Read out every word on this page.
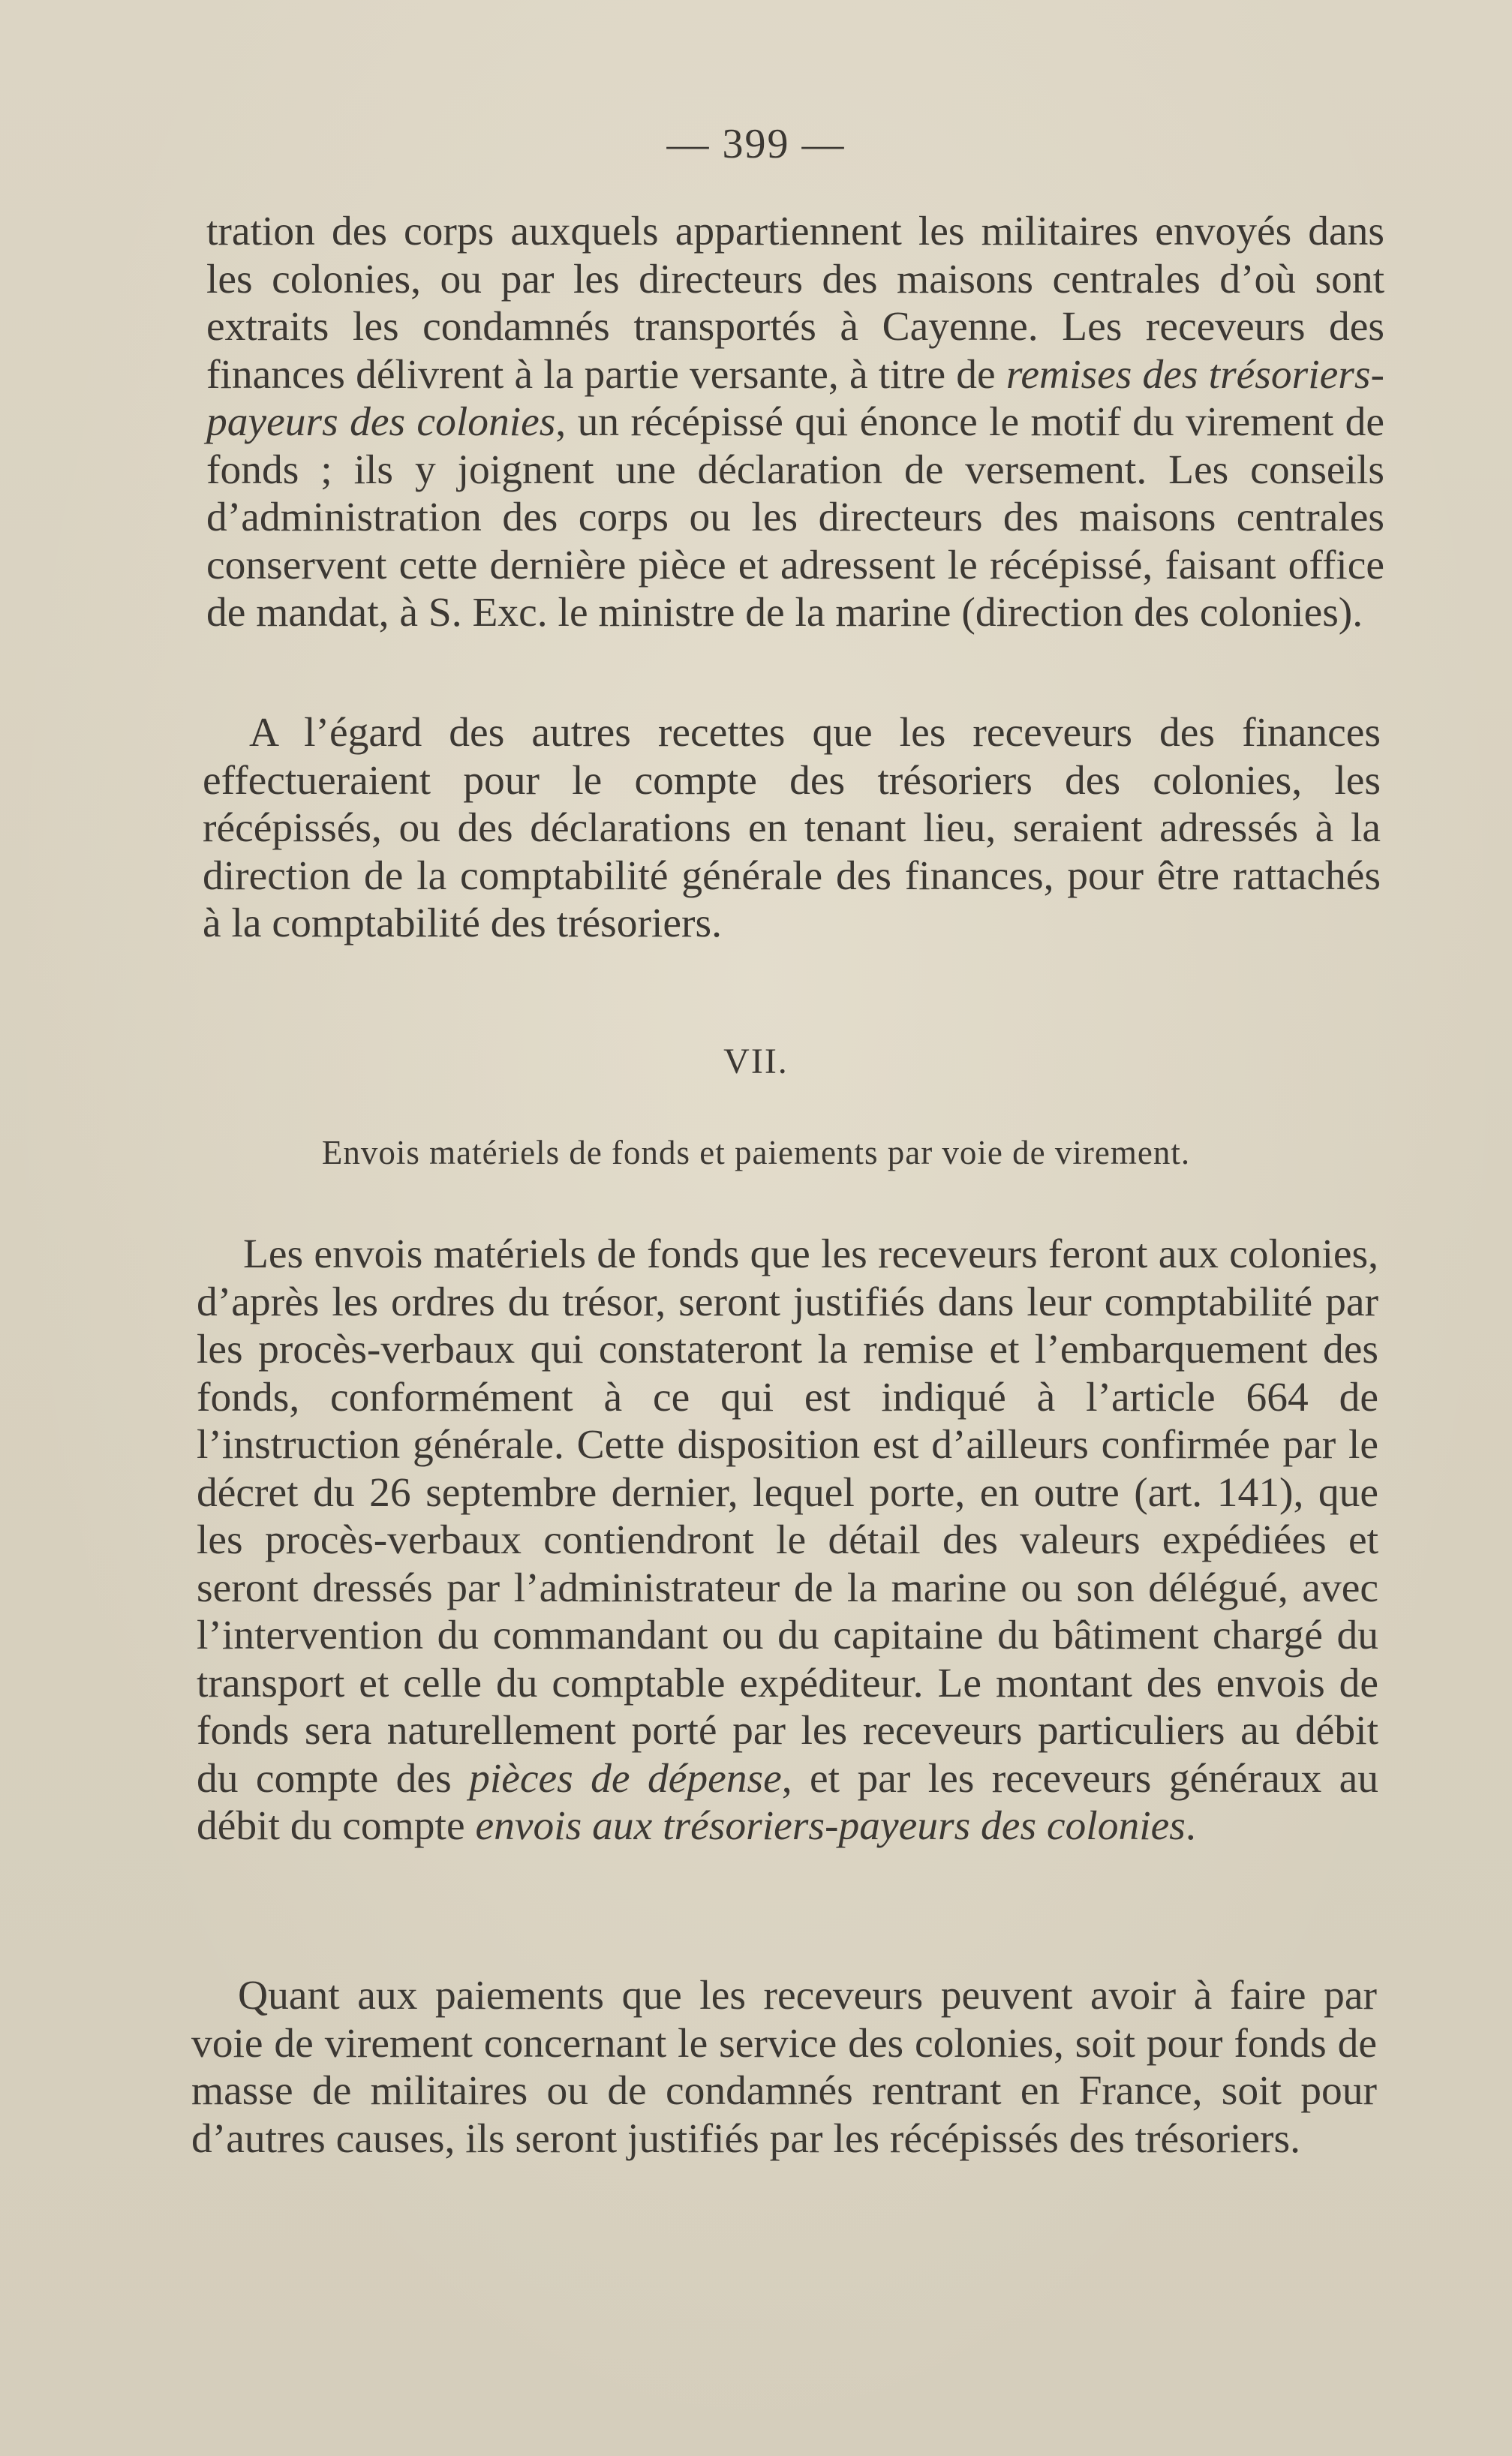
— 399 —

tration des corps auxquels appartiennent les militaires envoyés dans les colonies, ou par les directeurs des maisons centrales d’où sont extraits les condamnés transportés à Cayenne. Les receveurs des finances délivrent à la partie versante, à titre de remises des trésoriers-payeurs des colonies, un récépissé qui énonce le motif du virement de fonds ; ils y joignent une déclaration de versement. Les conseils d’administration des corps ou les directeurs des maisons centrales conservent cette dernière pièce et adressent le récépissé, faisant office de mandat, à S. Exc. le ministre de la marine (direction des colonies).

A l’égard des autres recettes que les receveurs des finances effectueraient pour le compte des trésoriers des colonies, les récépissés, ou des déclarations en tenant lieu, seraient adressés à la direction de la comptabilité générale des finances, pour être rattachés à la comptabilité des trésoriers.

VII.
Envois matériels de fonds et paiements par voie de virement.

Les envois matériels de fonds que les receveurs feront aux colonies, d’après les ordres du trésor, seront justifiés dans leur comptabilité par les procès-verbaux qui constateront la remise et l’embarquement des fonds, conformément à ce qui est indiqué à l’article 664 de l’instruction générale. Cette disposition est d’ailleurs confirmée par le décret du 26 septembre dernier, lequel porte, en outre (art. 141), que les procès-verbaux contiendront le détail des valeurs expédiées et seront dressés par l’administrateur de la marine ou son délégué, avec l’intervention du commandant ou du capitaine du bâtiment chargé du transport et celle du comptable expéditeur. Le montant des envois de fonds sera naturellement porté par les receveurs particuliers au débit du compte des pièces de dépense, et par les receveurs généraux au débit du compte envois aux trésoriers-payeurs des colonies.

Quant aux paiements que les receveurs peuvent avoir à faire par voie de virement concernant le service des colonies, soit pour fonds de masse de militaires ou de condamnés rentrant en France, soit pour d’autres causes, ils seront justifiés par les récépissés des trésoriers.
